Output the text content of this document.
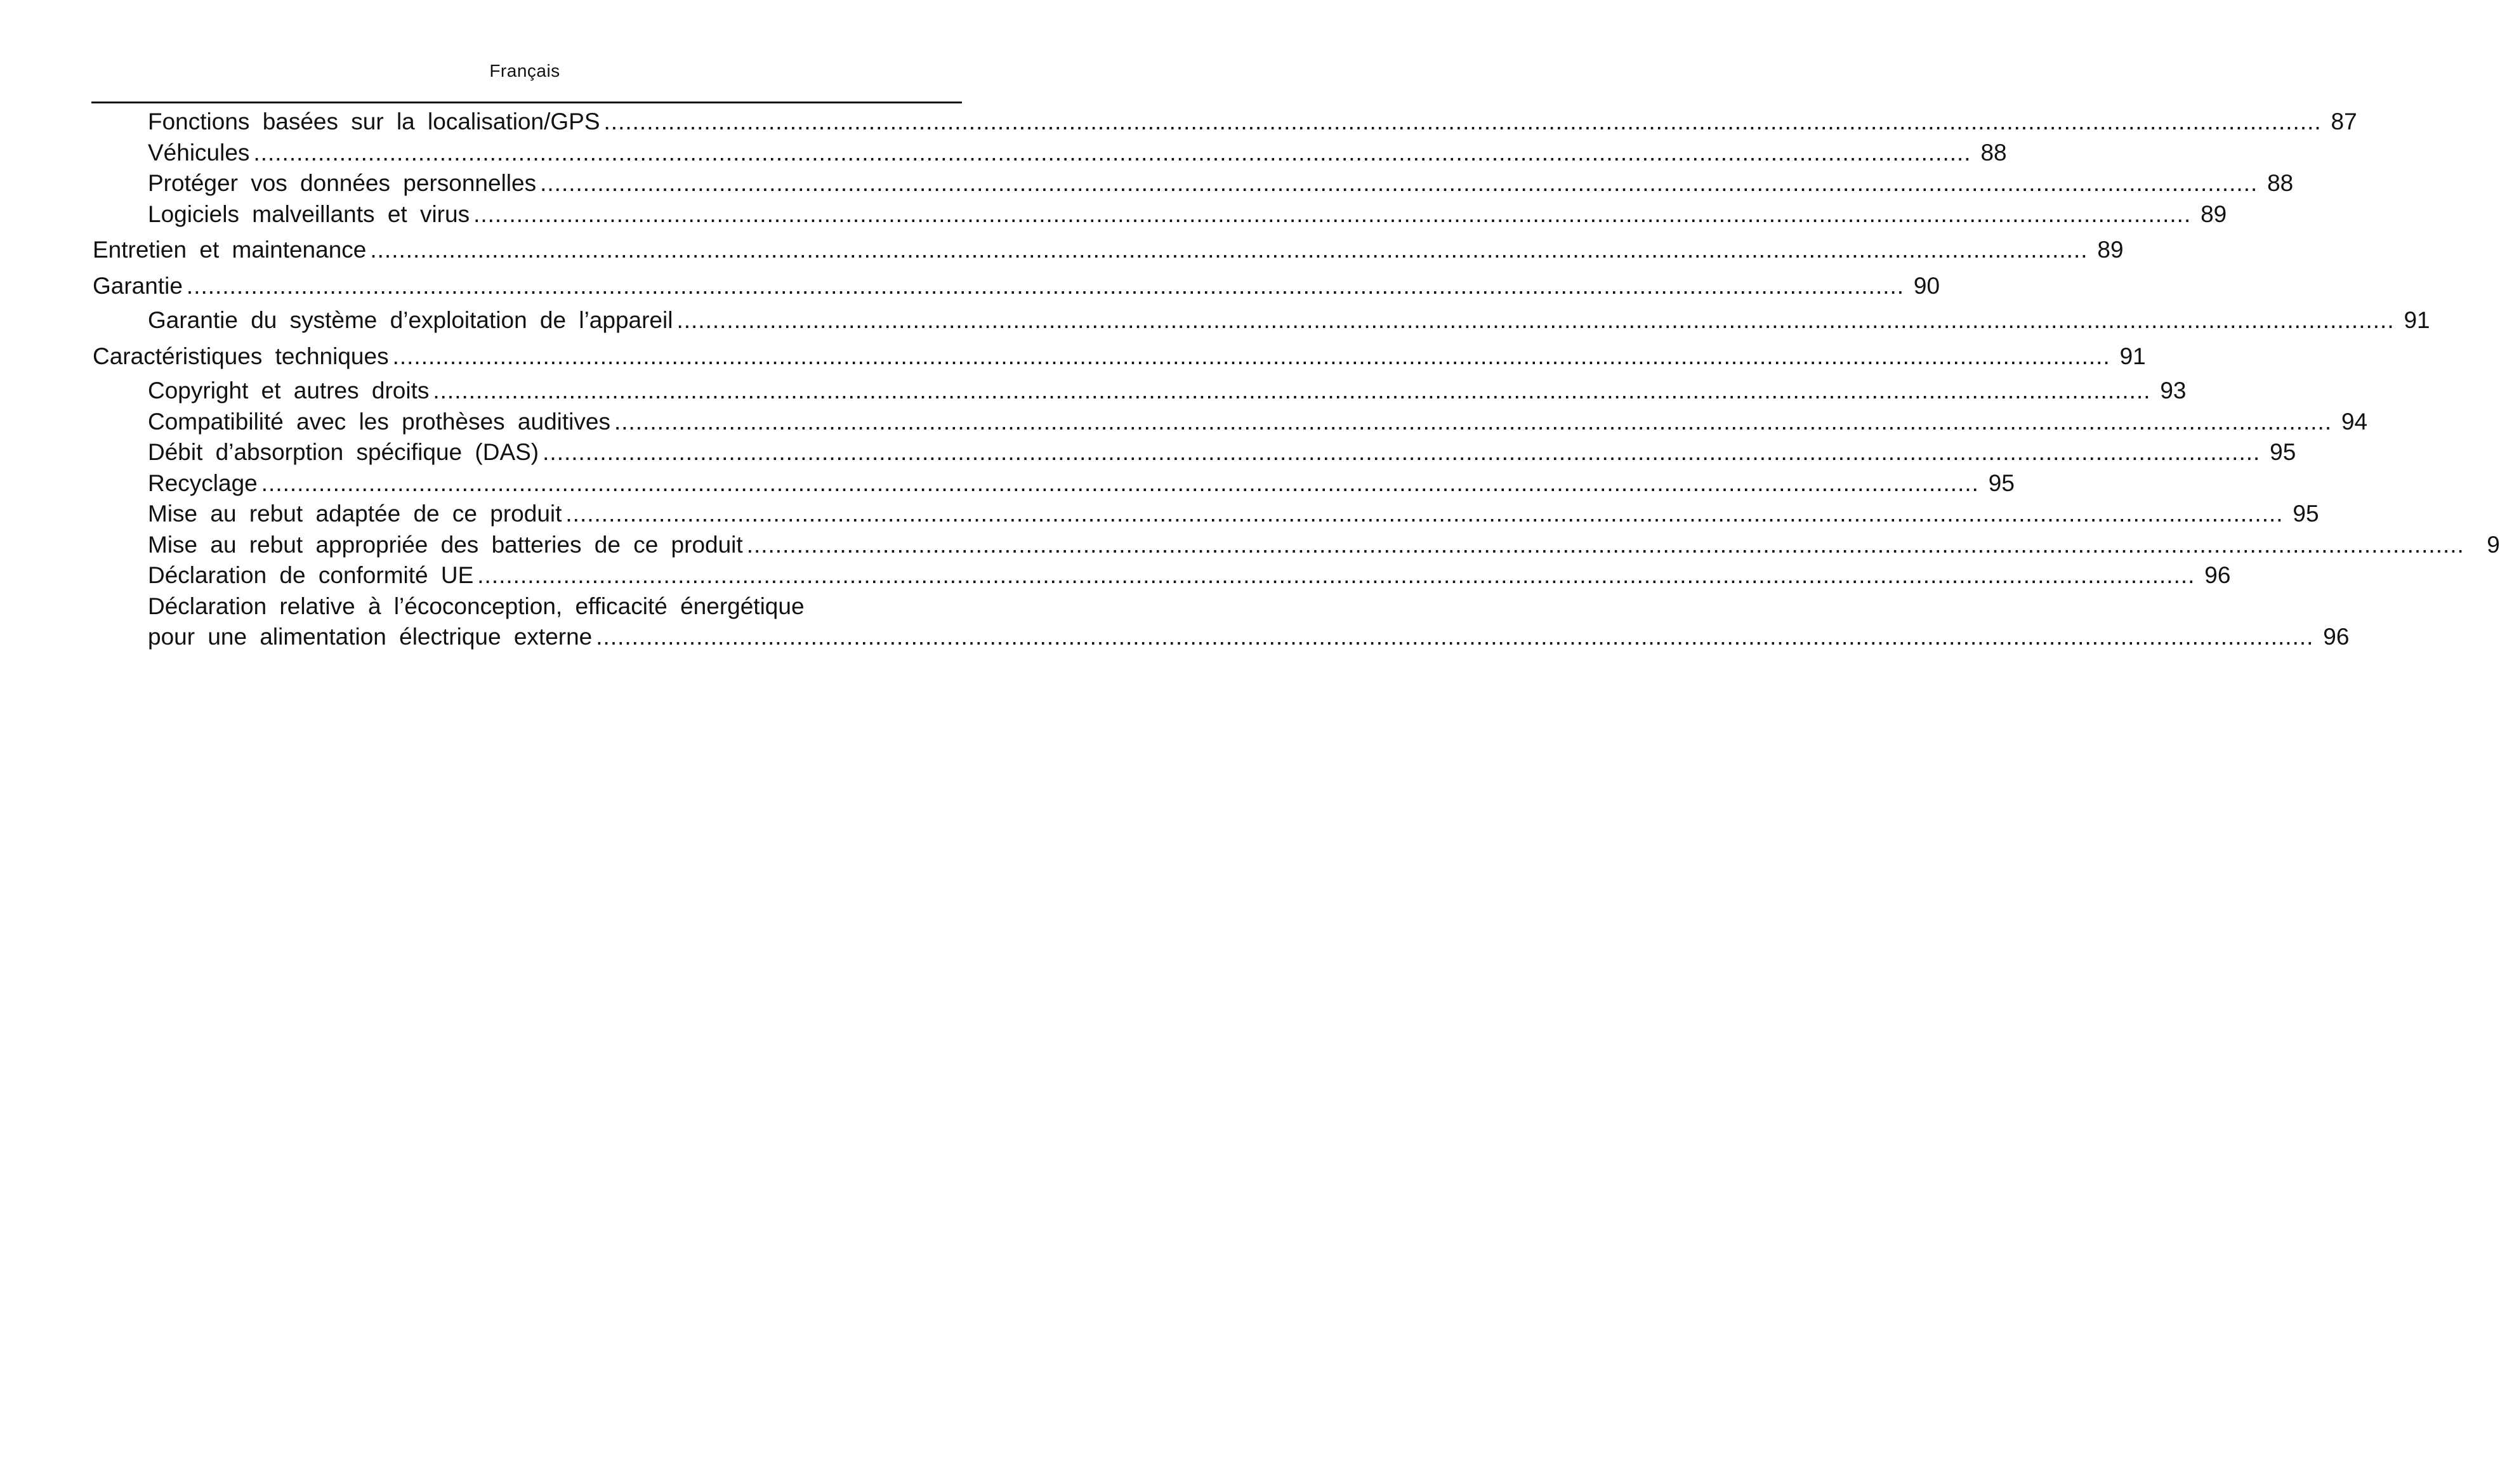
Français
Fonctions basées sur la localisation/GPS .....	87
Véhicules .....	88
Protéger vos données personnelles .....	88
Logiciels malveillants et virus .....	89
Entretien et maintenance .....	89
Garantie .....	90
Garantie du système d’exploitation de l’appareil .....	91
Caractéristiques techniques .....	91
Copyright et autres droits .....	93
Compatibilité avec les prothèses auditives .....	94
Débit d’absorption spécifique (DAS) .....	95
Recyclage .....	95
Mise au rebut adaptée de ce produit .....	95
Mise au rebut appropriée des batteries de ce produit .....	9
Déclaration de conformité UE .....	96
Déclaration relative à l’écoconception, efficacité énergétique
pour une alimentation électrique externe .....	96
